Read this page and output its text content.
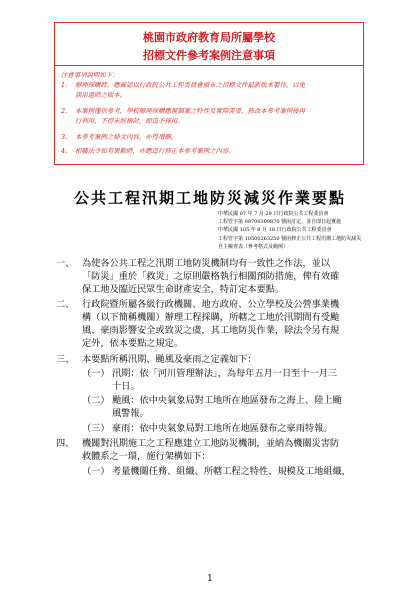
桃園市政府教育局所屬學校
招標文件參考案例注意事項
注意事項說明如下：
1. 辦理採購時，應確認以行政院公共工程委員會頒布之招標文件最新版本製作，以免
誤用過時之版本。
2. 本案例僅供參考，學校辦理採購應視個案之特性及實際需要，修改本參考案例後再
行利用，不得未經檢討，即逕予採用。
3. 本參考案例之條文內容，亦得增刪。
4. 相關法令如有異動時，亦應逕行修正本參考案例之內容。
公共工程汛期工地防災減災作業要點
中華民國 07 年 7 月 29 日行政院公共工程委員會
工程管字第 09700309870 號函訂定，並自即日起實施
中華民國 105 年 8 月 18 日行政院公共工程委員會
工程管字第 10500263250 號函修正公共工程汛期工地防災減災
自主檢查表（參考格式及範例）
一、 為使各公共工程之汛期工地防災機制均有一致性之作法，並以
「防災」重於「救災」之原則嚴格執行相關預防措施，俾有效確
保工地及臨近民眾生命財產安全，特訂定本要點。
二、 行政院暨所屬各級行政機關、地方政府、公立學校及公營事業機
構（以下簡稱機關）辦理工程採購，所轄之工地於汛期間有受颱
風、豪雨影響安全或致災之虞，其工地防災作業，除法令另有規
定外，依本要點之規定。
三、 本要點所稱汛期、颱風及豪雨之定義如下：
（一） 汛期：依「河川管理辦法」，為每年五月一日至十一月三
十日。
（二） 颱風：依中央氣象局對工地所在地區發布之海上、陸上颱
風警報。
（三） 豪雨：依中央氣象局對工地所在地區發布之豪雨特報。
四、 機關對汛期施工之工程應建立工地防災機制，並納為機關災害防
救體系之一環，施行架構如下：
（一） 考量機關任務、組織、所轄工程之特性、規模及工地組織，
1
